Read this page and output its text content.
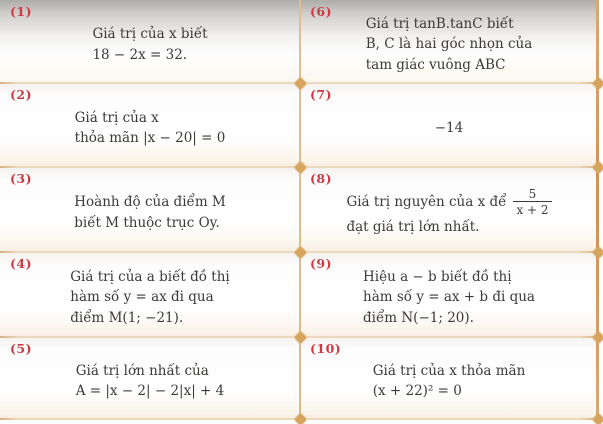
(1)
Giá trị của x biết
18 − 2x = 32.
(2)
Giá trị của x
thỏa mãn |x − 20| = 0
(3)
Hoành độ của điểm M
biết M thuộc trục Oy.
(4)
Giá trị của a biết đồ thị
hàm số y = ax đi qua
điểm M(1; −21).
(5)
Giá trị lớn nhất của
A = |x − 2| − 2|x| + 4
(6)
Giá trị tanB.tanC biết
B, C là hai góc nhọn của
tam giác vuông ABC
(7)
−14
(8)
Giá trị nguyên của x để $\frac{5}{x + 2}$
đạt giá trị lớn nhất.
(9)
Hiệu a − b biết đồ thị
hàm số y = ax + b đi qua
điểm N(−1; 20).
(10)
Giá trị của x thỏa mãn
(x + 22)² = 0
